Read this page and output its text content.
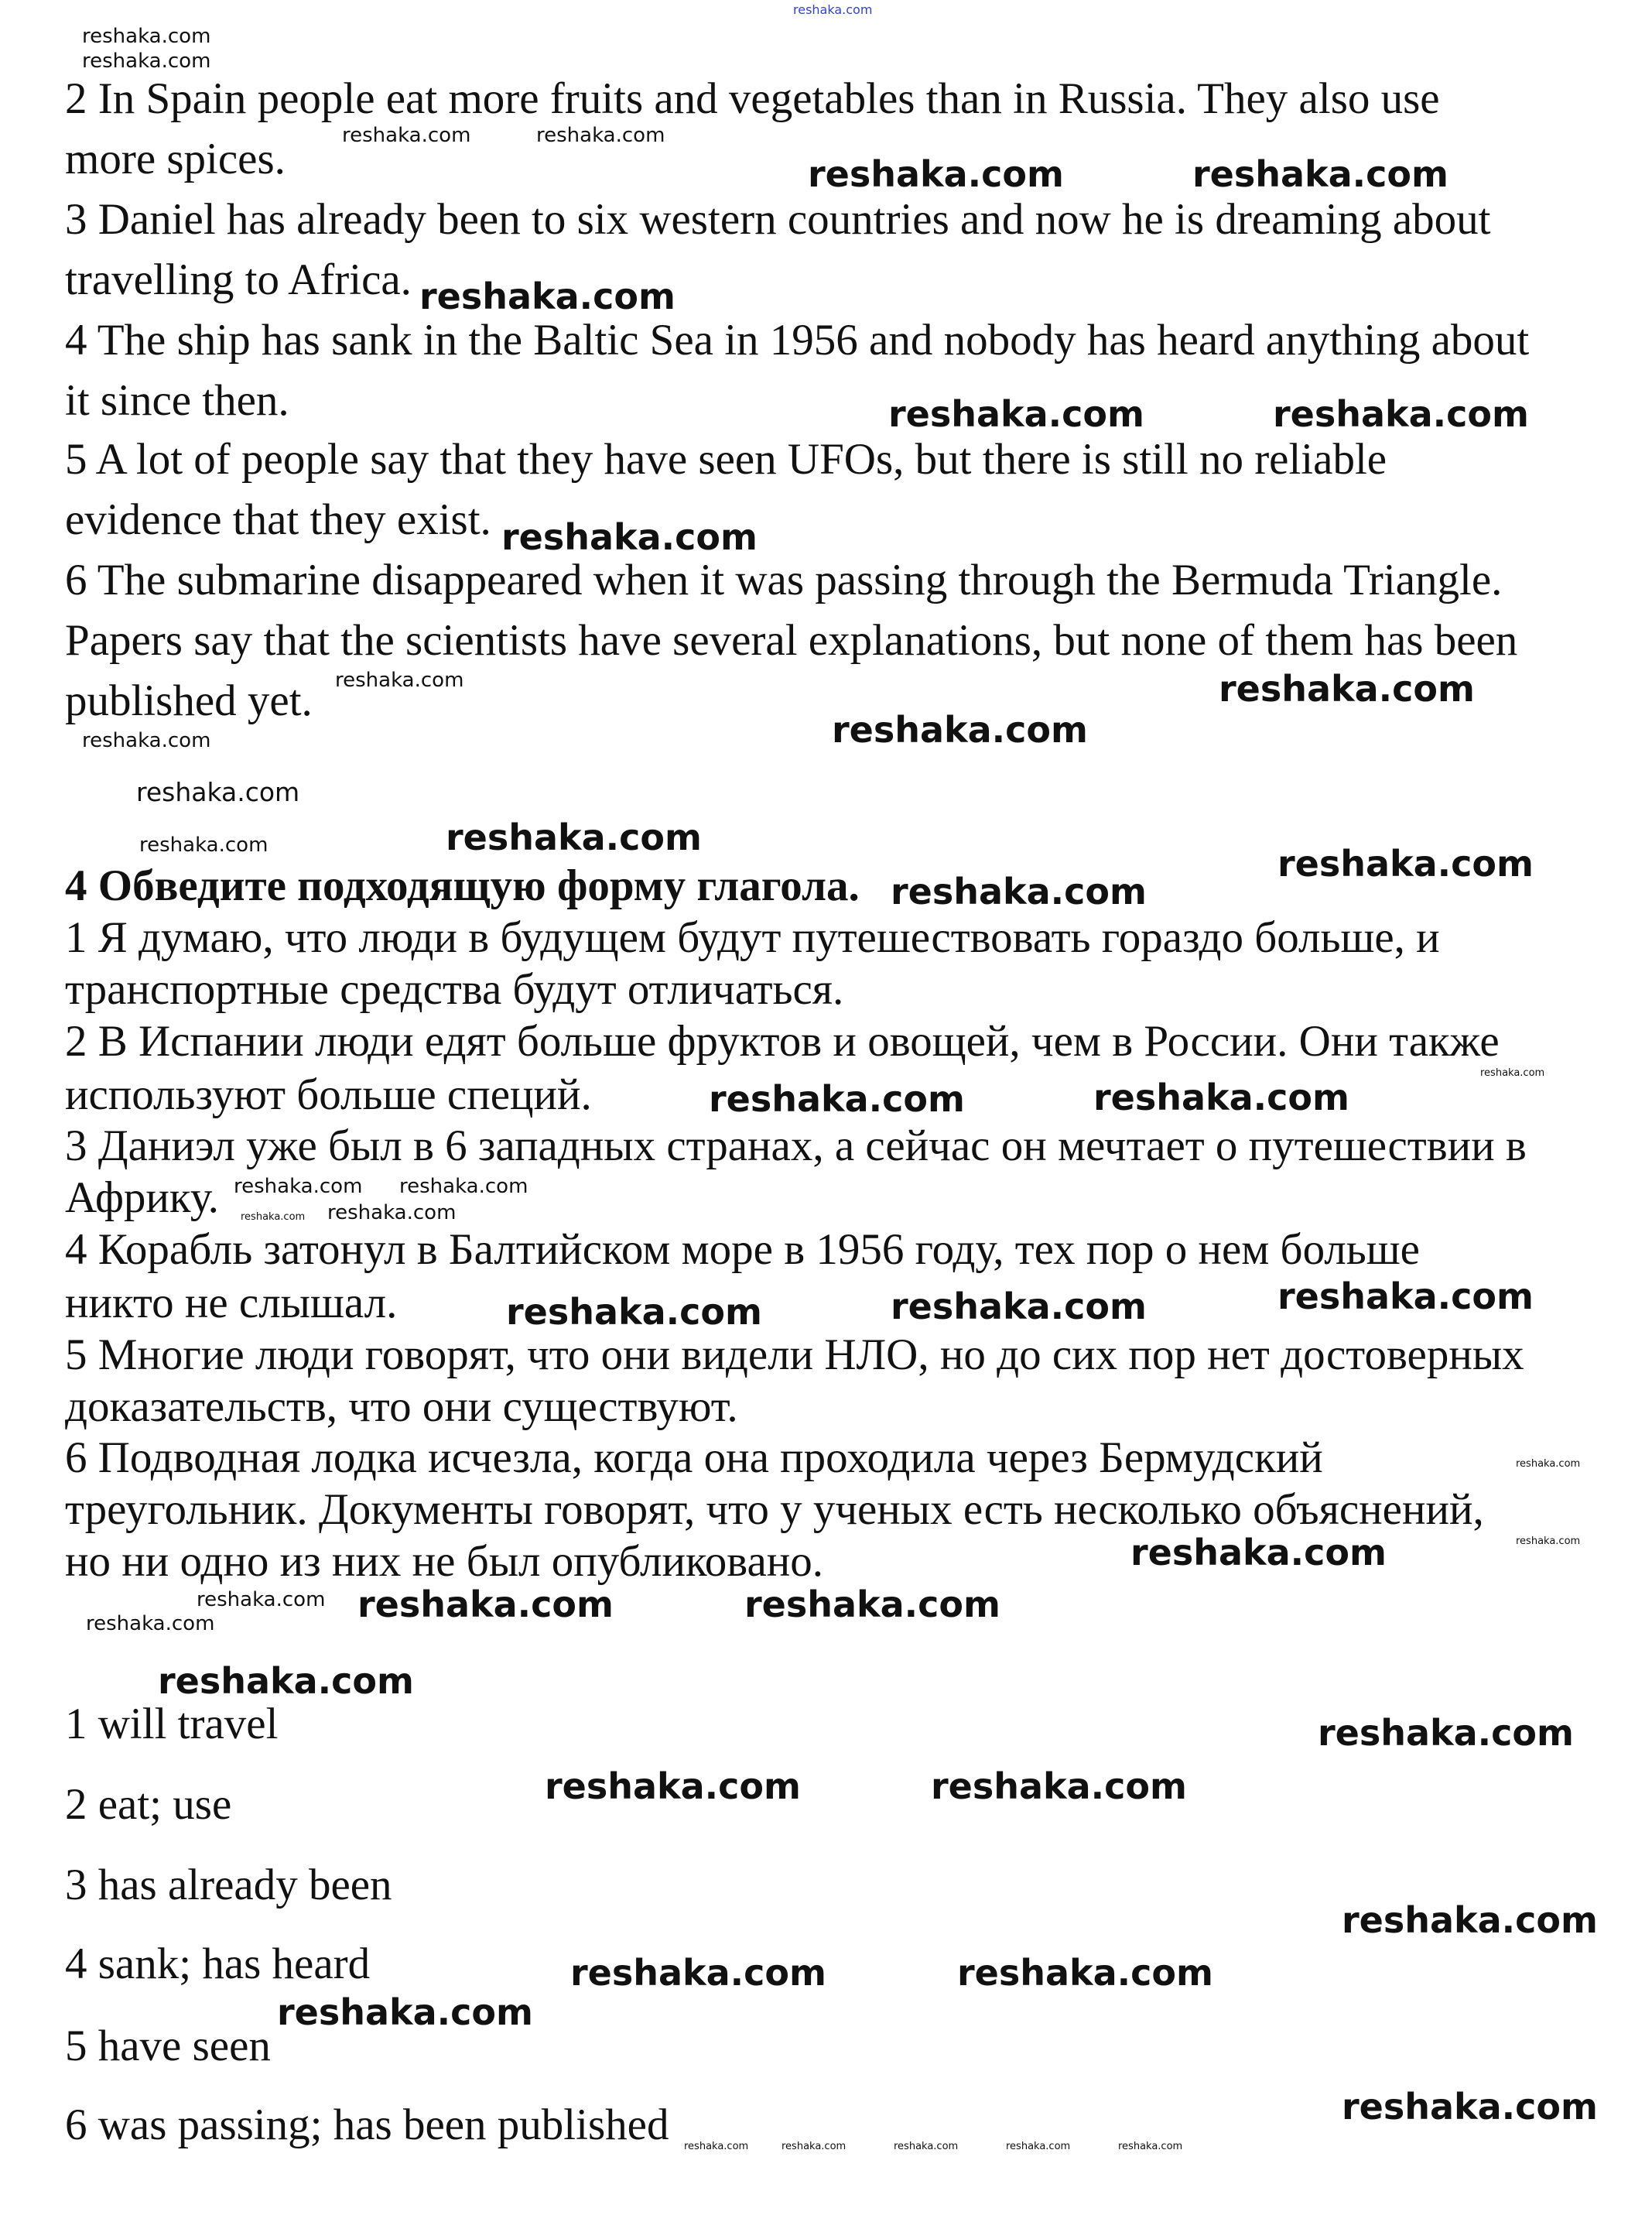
2 In Spain people eat more fruits and vegetables than in Russia. They also use
more spices.
3 Daniel has already been to six western countries and now he is dreaming about
travelling to Africa.
4 The ship has sank in the Baltic Sea in 1956 and nobody has heard anything about
it since then.
5 A lot of people say that they have seen UFOs, but there is still no reliable
evidence that they exist.
6 The submarine disappeared when it was passing through the Bermuda Triangle.
Papers say that the scientists have several explanations, but none of them has been
published yet.
4 Обведите подходящую форму глагола.
1 Я думаю, что люди в будущем будут путешествовать гораздо больше, и
транспортные средства будут отличаться.
2 В Испании люди едят больше фруктов и овощей, чем в России. Они также
используют больше специй.
3 Даниэл уже был в 6 западных странах, а сейчас он мечтает о путешествии в
Африку.
4 Корабль затонул в Балтийском море в 1956 году, тех пор о нем больше
никто не слышал.
5 Многие люди говорят, что они видели НЛО, но до сих пор нет достоверных
доказательств, что они существуют.
6 Подводная лодка исчезла, когда она проходила через Бермудский
треугольник. Документы говорят, что у ученых есть несколько объяснений,
но ни одно из них не был опубликовано.
1 will travel
2 eat; use
3 has already been
4 sank; has heard
5 have seen
6 was passing; has been published
reshaka.com
reshaka.com
reshaka.com	reshaka.com
reshaka.com
reshaka.com
reshaka.com
reshaka.com
reshaka.com
reshaka.com reshaka.com
reshaka.com
reshaka.com reshaka.com
reshaka.com
reshaka.com
reshaka.com
reshaka.com
reshaka.com	reshaka.com	reshaka.com	reshaka.com	reshaka.com
reshaka.com	reshaka.com
reshaka.com
reshaka.com	reshaka.com
reshaka.com
reshaka.com
reshaka.com
reshaka.com
reshaka.com
reshaka.com
reshaka.com	reshaka.com
reshaka.com	reshaka.com	reshaka.com
reshaka.com
reshaka.com	reshaka.com
reshaka.com
reshaka.com
reshaka.com	reshaka.com
reshaka.com
reshaka.com	reshaka.com
reshaka.com
reshaka.com
